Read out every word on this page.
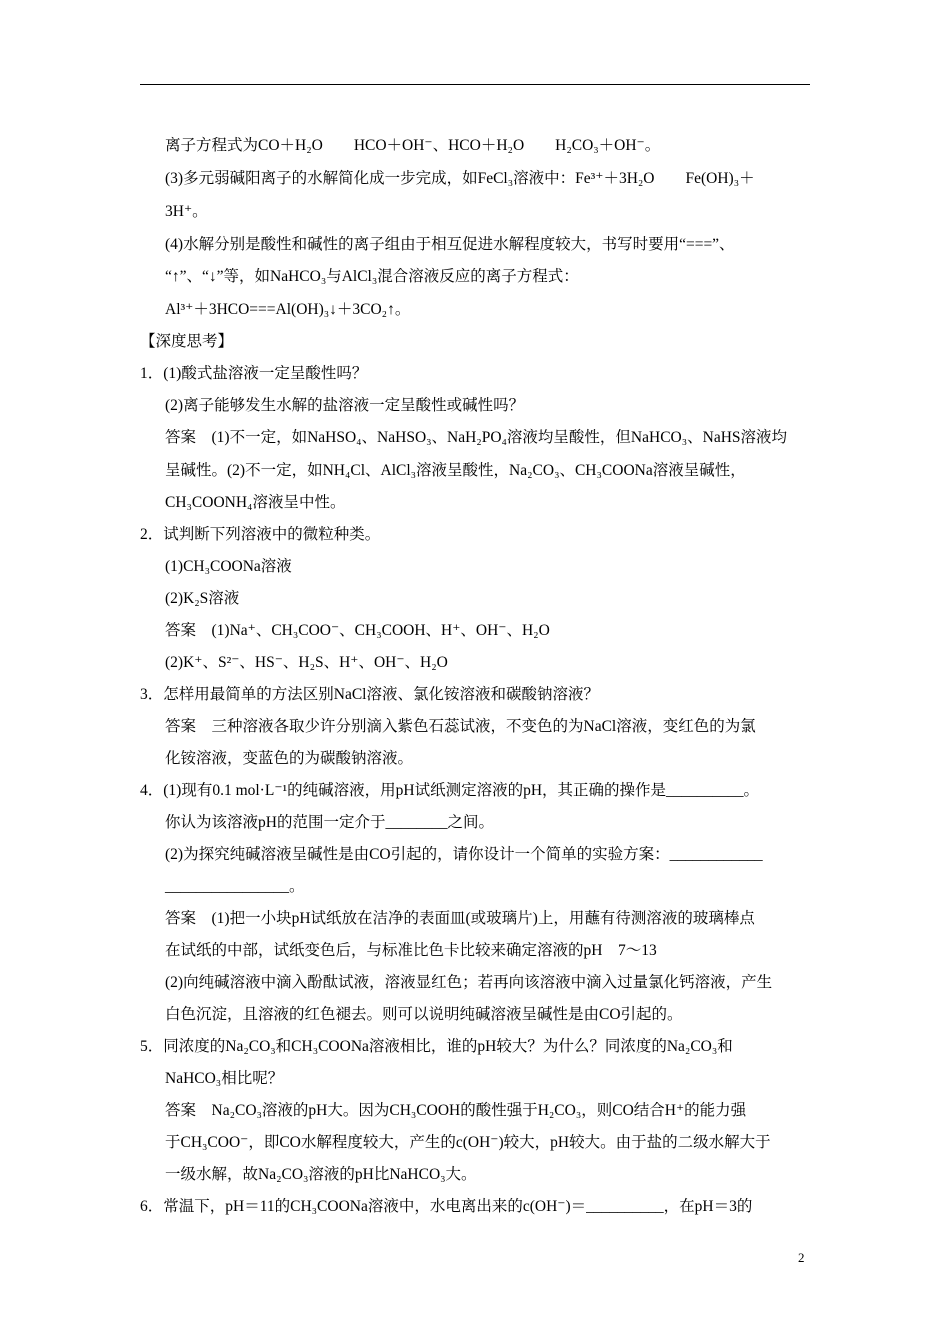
离子方程式为CO＋H₂O　　HCO＋OH⁻、HCO＋H₂O　　H₂CO₃＋OH⁻。
(3)多元弱碱阳离子的水解简化成一步完成，如FeCl₃溶液中：Fe³⁺＋3H₂O　　Fe(OH)₃＋
3H⁺。
(4)水解分别是酸性和碱性的离子组由于相互促进水解程度较大，书写时要用“===”、
“↑”、“↓”等，如NaHCO₃与AlCl₃混合溶液反应的离子方程式：
Al³⁺＋3HCO===Al(OH)₃↓＋3CO₂↑。
【深度思考】
1．(1)酸式盐溶液一定呈酸性吗？
(2)离子能够发生水解的盐溶液一定呈酸性或碱性吗？
答案　(1)不一定，如NaHSO₄、NaHSO₃、NaH₂PO₄溶液均呈酸性，但NaHCO₃、NaHS溶液均
呈碱性。(2)不一定，如NH₄Cl、AlCl₃溶液呈酸性，Na₂CO₃、CH₃COONa溶液呈碱性，
CH₃COONH₄溶液呈中性。
2．试判断下列溶液中的微粒种类。
(1)CH₃COONa溶液
(2)K₂S溶液
答案　(1)Na⁺、CH₃COO⁻、CH₃COOH、H⁺、OH⁻、H₂O
(2)K⁺、S²⁻、HS⁻、H₂S、H⁺、OH⁻、H₂O
3．怎样用最简单的方法区别NaCl溶液、氯化铵溶液和碳酸钠溶液？
答案　三种溶液各取少许分别滴入紫色石蕊试液，不变色的为NaCl溶液，变红色的为氯
化铵溶液，变蓝色的为碳酸钠溶液。
4．(1)现有0.1 mol·L⁻¹的纯碱溶液，用pH试纸测定溶液的pH，其正确的操作是__________。
你认为该溶液pH的范围一定介于________之间。
(2)为探究纯碱溶液呈碱性是由CO引起的，请你设计一个简单的实验方案：____________
________________。
答案　(1)把一小块pH试纸放在洁净的表面皿(或玻璃片)上，用蘸有待测溶液的玻璃棒点
在试纸的中部，试纸变色后，与标准比色卡比较来确定溶液的pH　7～13
(2)向纯碱溶液中滴入酚酞试液，溶液显红色；若再向该溶液中滴入过量氯化钙溶液，产生
白色沉淀，且溶液的红色褪去。则可以说明纯碱溶液呈碱性是由CO引起的。
5．同浓度的Na₂CO₃和CH₃COONa溶液相比，谁的pH较大？为什么？同浓度的Na₂CO₃和
NaHCO₃相比呢？
答案　Na₂CO₃溶液的pH大。因为CH₃COOH的酸性强于H₂CO₃，则CO结合H⁺的能力强
于CH₃COO⁻，即CO水解程度较大，产生的c(OH⁻)较大，pH较大。由于盐的二级水解大于
一级水解，故Na₂CO₃溶液的pH比NaHCO₃大。
6．常温下，pH＝11的CH₃COONa溶液中，水电离出来的c(OH⁻)＝__________，在pH＝3的
2
